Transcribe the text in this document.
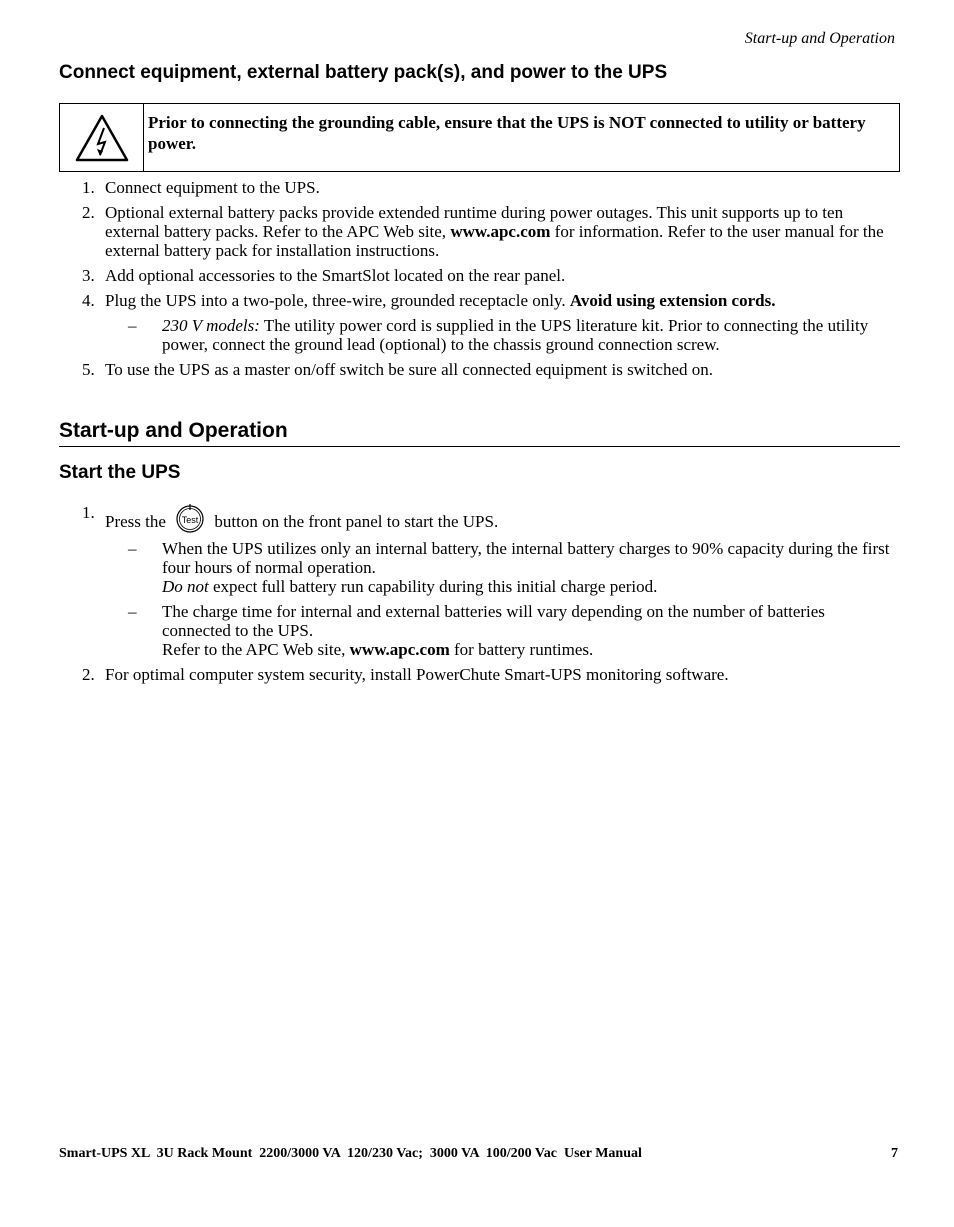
Start-up and Operation
Connect equipment, external battery pack(s), and power to the UPS
Prior to connecting the grounding cable, ensure that the UPS is NOT connected to utility or battery power.
1. Connect equipment to the UPS.
2. Optional external battery packs provide extended runtime during power outages. This unit supports up to ten external battery packs. Refer to the APC Web site, www.apc.com for information. Refer to the user manual for the external battery pack for installation instructions.
3. Add optional accessories to the SmartSlot located on the rear panel.
4. Plug the UPS into a two-pole, three-wire, grounded receptacle only. Avoid using extension cords.
– 230 V models: The utility power cord is supplied in the UPS literature kit. Prior to connecting the utility power, connect the ground lead (optional) to the chassis ground connection screw.
5. To use the UPS as a master on/off switch be sure all connected equipment is switched on.
Start-up and Operation
Start the UPS
1. Press the Test button on the front panel to start the UPS.
– When the UPS utilizes only an internal battery, the internal battery charges to 90% capacity during the first four hours of normal operation.
Do not expect full battery run capability during this initial charge period.
– The charge time for internal and external batteries will vary depending on the number of batteries connected to the UPS.
Refer to the APC Web site, www.apc.com for battery runtimes.
2. For optimal computer system security, install PowerChute Smart-UPS monitoring software.
Smart-UPS XL  3U Rack Mount  2200/3000 VA  120/230 Vac;  3000 VA  100/200 Vac  User Manual	7
